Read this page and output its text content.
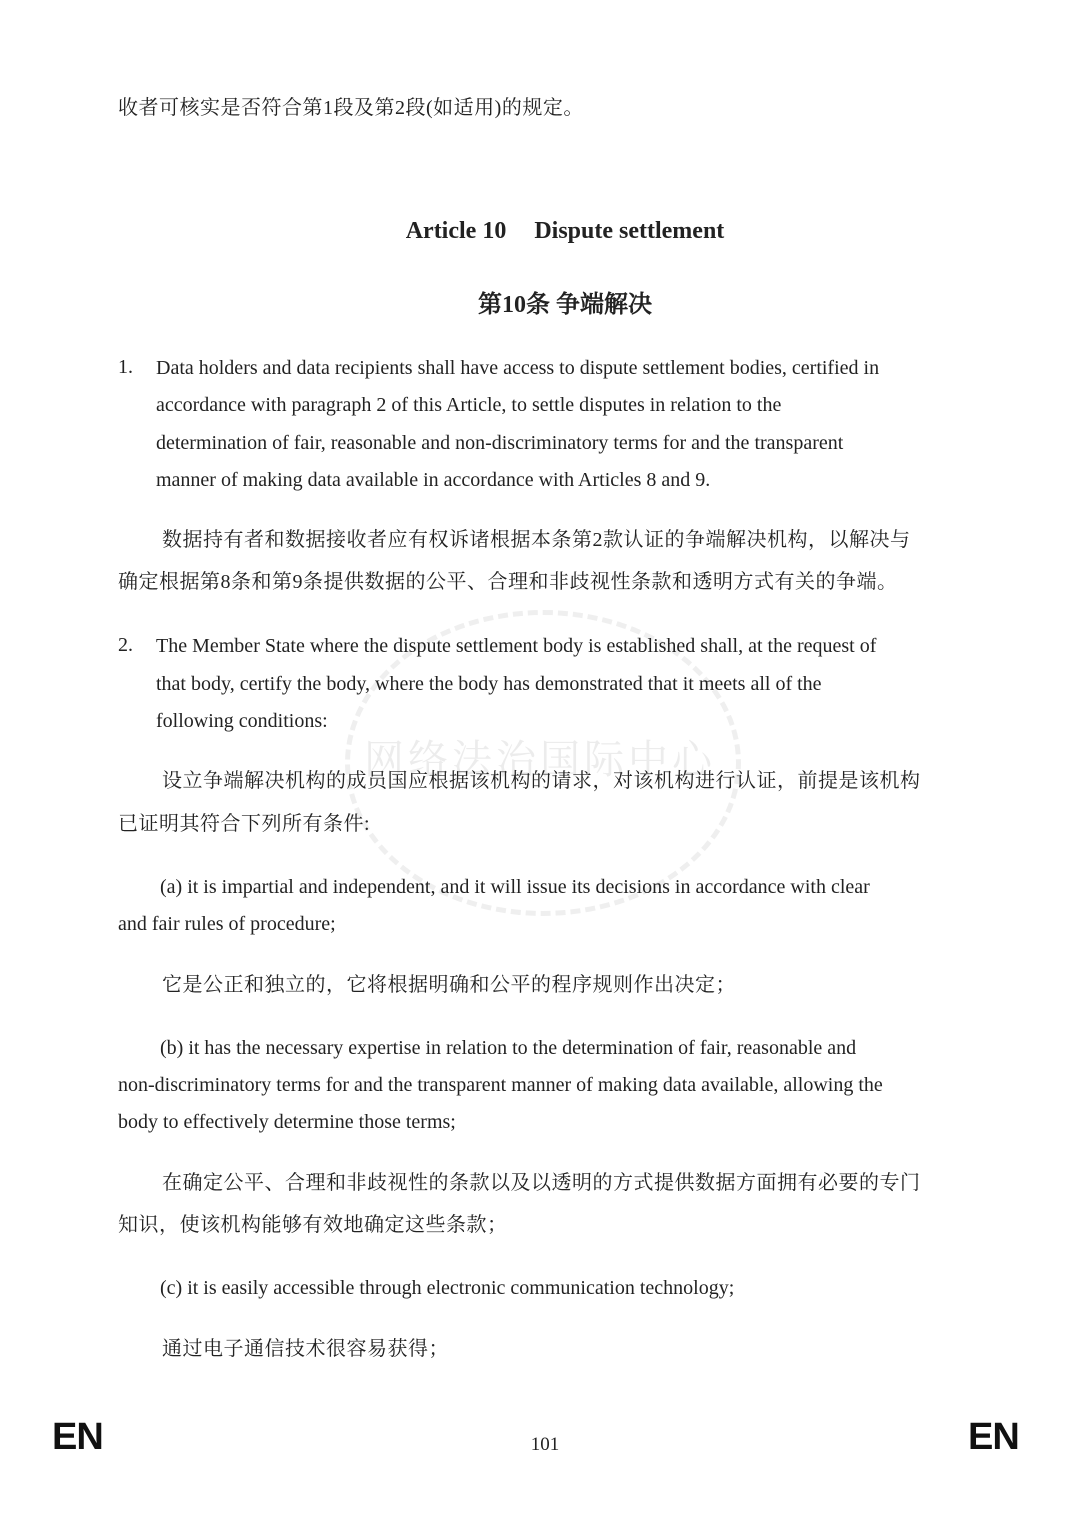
网络法治国际中心
收者可核实是否符合第1段及第2段(如适用)的规定。
Article 10 Dispute settlement
第10条 争端解决
1. Data holders and data recipients shall have access to dispute settlement bodies, certified in
accordance with paragraph 2 of this Article, to settle disputes in relation to the
determination of fair, reasonable and non-discriminatory terms for and the transparent
manner of making data available in accordance with Articles 8 and 9.
数据持有者和数据接收者应有权诉诸根据本条第2款认证的争端解决机构，以解决与
确定根据第8条和第9条提供数据的公平、合理和非歧视性条款和透明方式有关的争端。
2. The Member State where the dispute settlement body is established shall, at the request of
that body, certify the body, where the body has demonstrated that it meets all of the
following conditions:
设立争端解决机构的成员国应根据该机构的请求，对该机构进行认证，前提是该机构
已证明其符合下列所有条件:
(a) it is impartial and independent, and it will issue its decisions in accordance with clear
and fair rules of procedure;
它是公正和独立的，它将根据明确和公平的程序规则作出决定；
(b) it has the necessary expertise in relation to the determination of fair, reasonable and
non-discriminatory terms for and the transparent manner of making data available, allowing the
body to effectively determine those terms;
在确定公平、合理和非歧视性的条款以及以透明的方式提供数据方面拥有必要的专门
知识，使该机构能够有效地确定这些条款；
(c) it is easily accessible through electronic communication technology;
通过电子通信技术很容易获得；
EN	101	EN
